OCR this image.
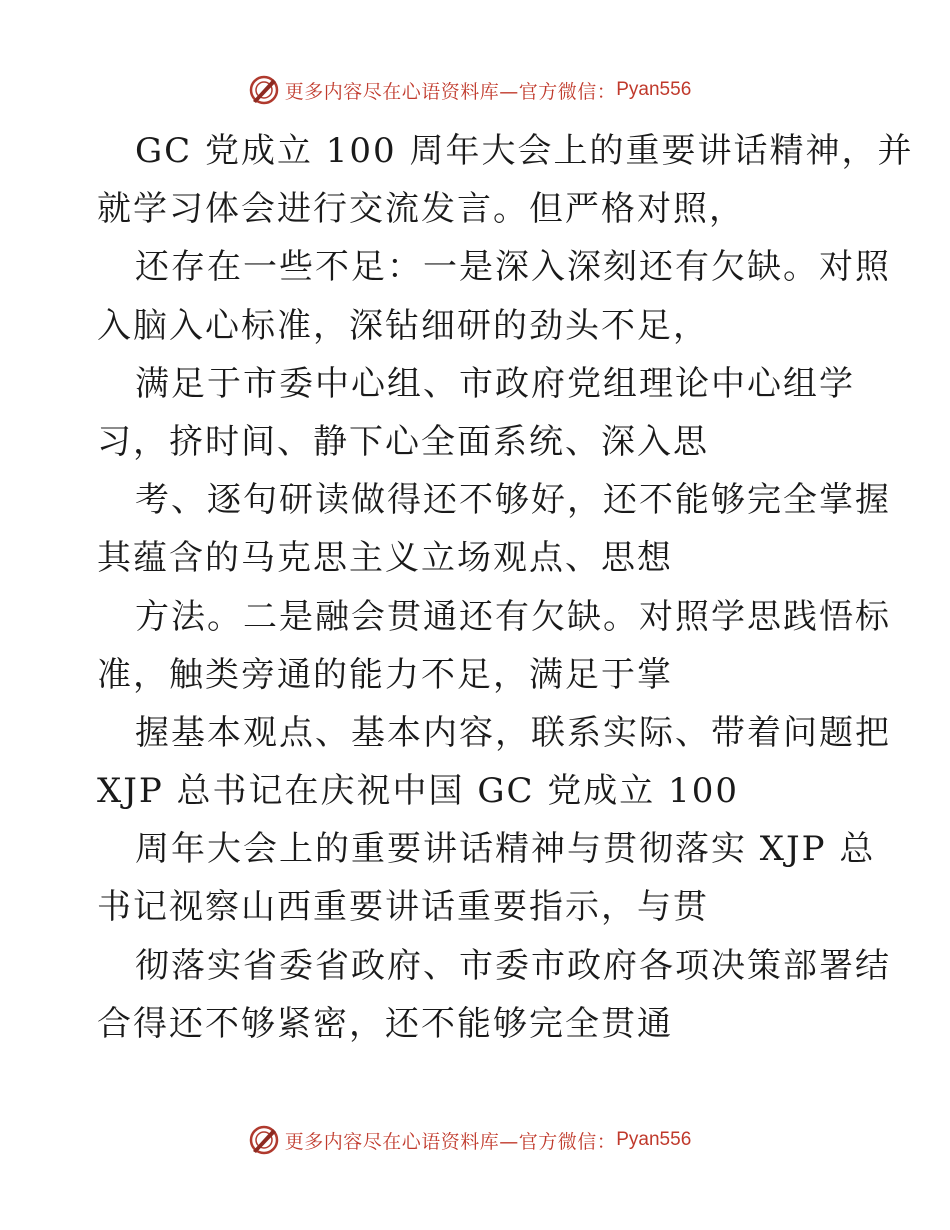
更多内容尽在心语资料库—官方微信： Pyan556
GC 党成立 100 周年大会上的重要讲话精神，并
就学习体会进行交流发言。但严格对照，
还存在一些不足：一是深入深刻还有欠缺。对照
入脑入心标准，深钻细研的劲头不足，
满足于市委中心组、市政府党组理论中心组学
习，挤时间、静下心全面系统、深入思
考、逐句研读做得还不够好，还不能够完全掌握
其蕴含的马克思主义立场观点、思想
方法。二是融会贯通还有欠缺。对照学思践悟标
准，触类旁通的能力不足，满足于掌
握基本观点、基本内容，联系实际、带着问题把
XJP 总书记在庆祝中国 GC 党成立 100
周年大会上的重要讲话精神与贯彻落实 XJP 总
书记视察山西重要讲话重要指示，与贯
彻落实省委省政府、市委市政府各项决策部署结
合得还不够紧密，还不能够完全贯通
更多内容尽在心语资料库—官方微信： Pyan556
